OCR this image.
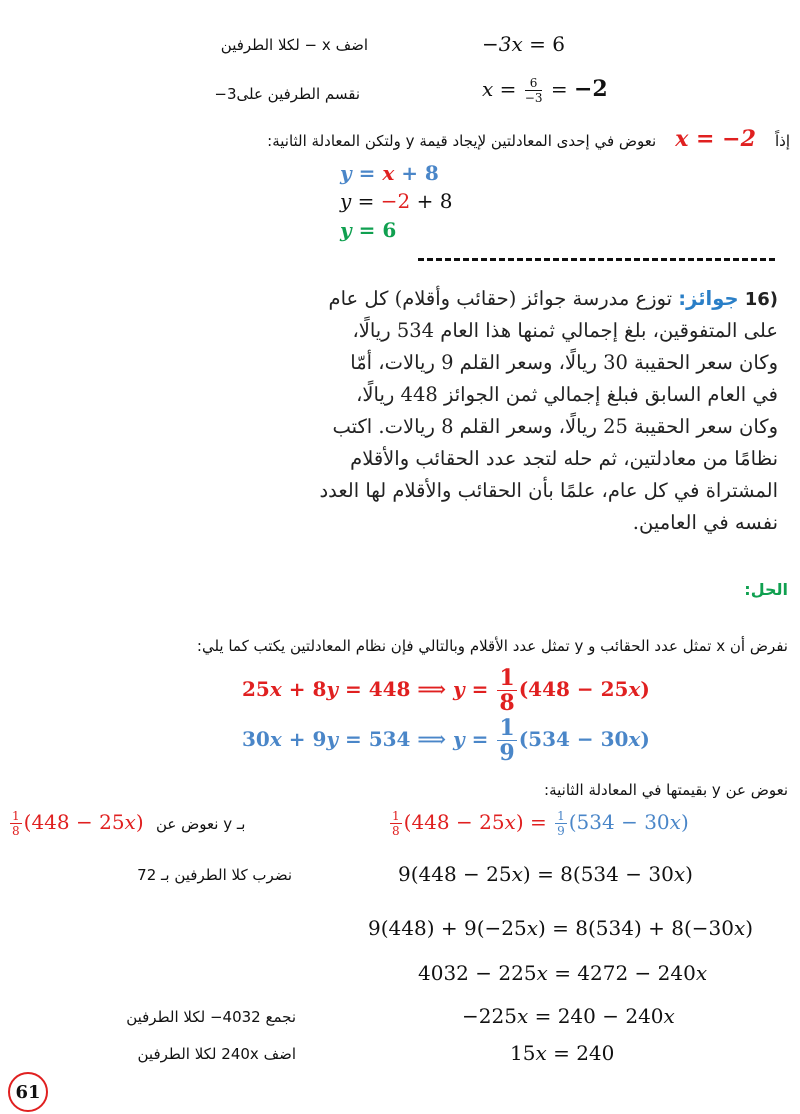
اضف x − لكلا الطرفين	−3x = 6
نقسم الطرفين على3−	$x = \frac{6}{-3} = -2$
إذاً x = −2 نعوض في إحدى المعادلتين لإيجاد قيمة y ولتكن المعادلة الثانية:
y = x + 8
y = −2 + 8
y = 6
16) جوائز: توزع مدرسة جوائز (حقائب وأقلام) كل عام
على المتفوقين، بلغ إجمالي ثمنها هذا العام 534 ريالًا،
وكان سعر الحقيبة 30 ريالًا، وسعر القلم 9 ريالات، أمّا
في العام السابق فبلغ إجمالي ثمن الجوائز 448 ريالًا،
وكان سعر الحقيبة 25 ريالًا، وسعر القلم 8 ريالات. اكتب
نظامًا من معادلتين، ثم حله لتجد عدد الحقائب والأقلام
المشتراة في كل عام، علمًا بأن الحقائب والأقلام لها العدد
نفسه في العامين.
الحل:
نفرض أن x تمثل عدد الحقائب و y تمثل عدد الأقلام وبالتالي فإن نظام المعادلتين يكتب كما يلي:
25x + 8y = 448 ⟹ $y = \frac{1}{8} (448 - 25x)$
30x + 9y = 534 ⟹ $y = \frac{1}{9} (534 - 30x)$
نعوض عن y بقيمتها في المعادلة الثانية:
$\frac{1}{8} (448 - 25x)$ نعوض عن y بـ	$\frac{1}{8} (448 - 25x) = \frac{1}{9} (534 - 30x)$
نضرب كلا الطرفين بـ 72	9(448 − 25x) = 8(534 − 30x)
9(448) + 9(−25x) = 8(534) + 8(−30x)
4032 − 225x = 4272 − 240x
نجمع 4032− لكلا الطرفين	−225x = 240 − 240x
اضف 240x لكلا الطرفين	15x = 240
61
